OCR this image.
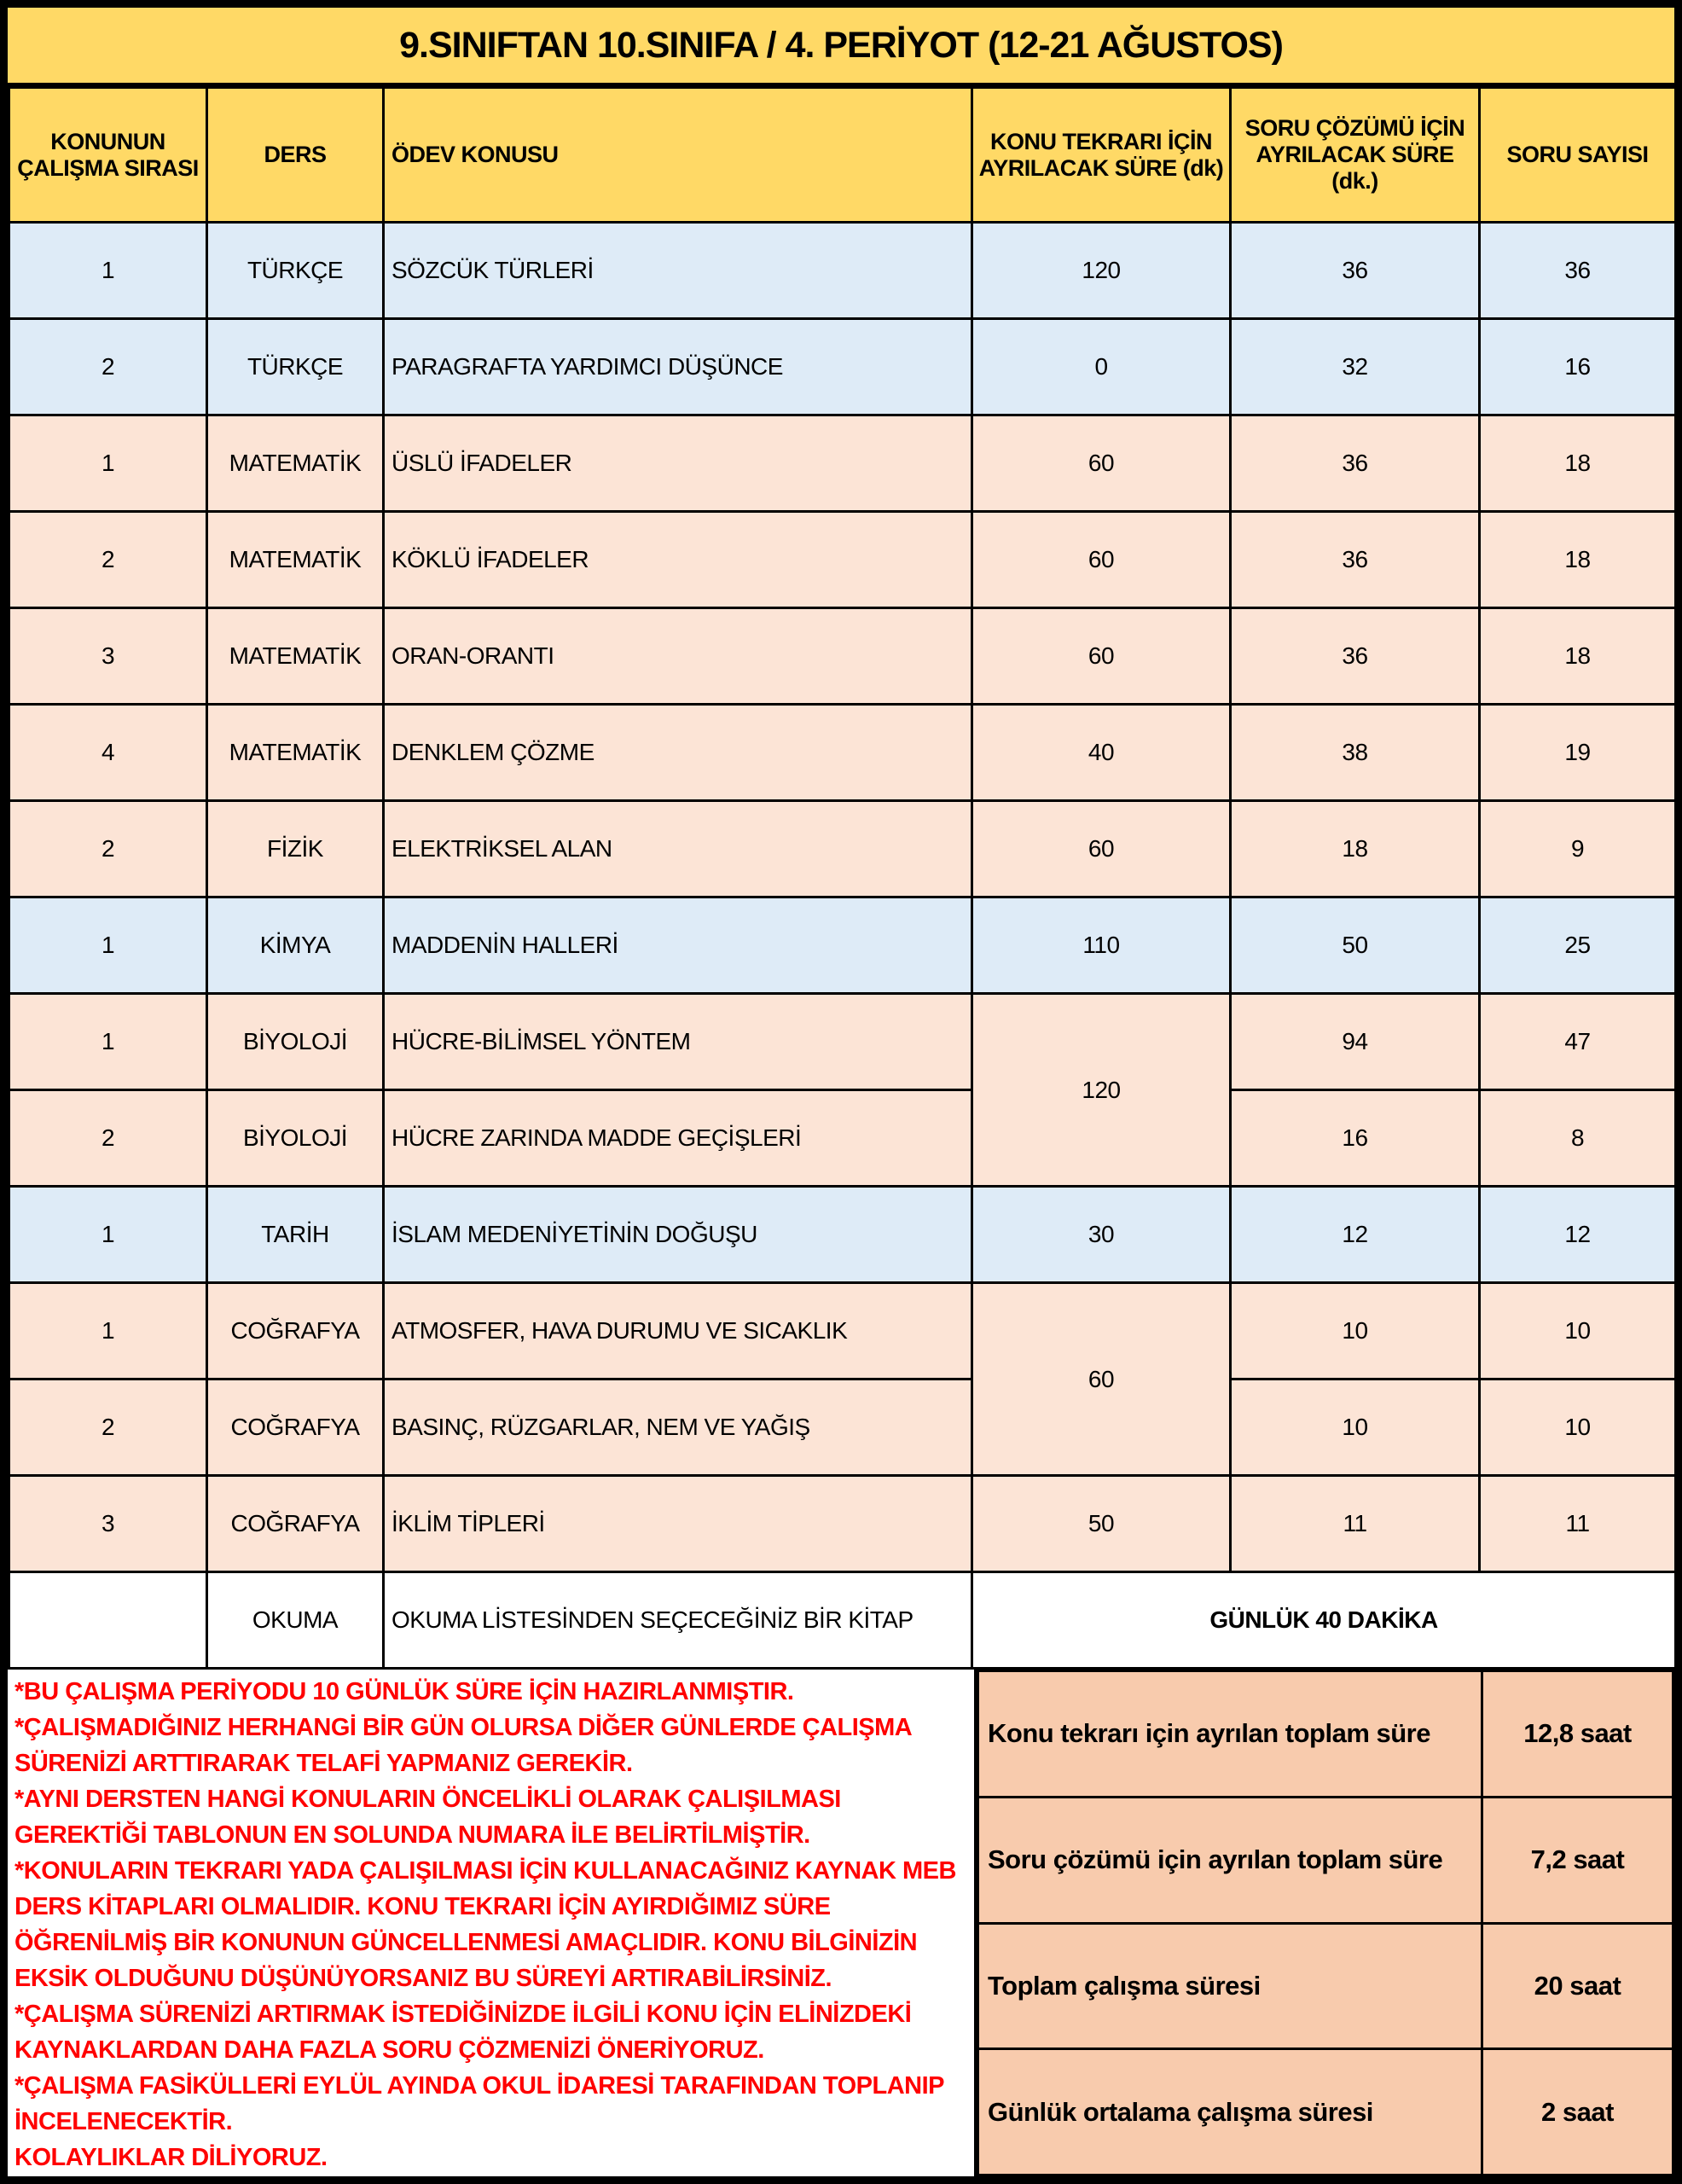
9.SINIFTAN 10.SINIFA / 4. PERİYOT (12-21 AĞUSTOS)
KONUNUN ÇALIŞMA SIRASI	DERS	ÖDEV KONUSU	KONU TEKRARI İÇİN AYRILACAK SÜRE (dk)	SORU ÇÖZÜMÜ İÇİN AYRILACAK SÜRE (dk.)	SORU SAYISI
1	TÜRKÇE	SÖZCÜK TÜRLERİ	120	36	36
2	TÜRKÇE	PARAGRAFTA YARDIMCI DÜŞÜNCE	0	32	16
1	MATEMATİK	ÜSLÜ İFADELER	60	36	18
2	MATEMATİK	KÖKLÜ İFADELER	60	36	18
3	MATEMATİK	ORAN-ORANTI	60	36	18
4	MATEMATİK	DENKLEM ÇÖZME	40	38	19
2	FİZİK	ELEKTRİKSEL ALAN	60	18	9
1	KİMYA	MADDENİN HALLERİ	110	50	25
1	BİYOLOJİ	HÜCRE-BİLİMSEL YÖNTEM	120	94	47
2	BİYOLOJİ	HÜCRE ZARINDA MADDE GEÇİŞLERİ		16	8
1	TARİH	İSLAM MEDENİYETİNİN DOĞUŞU	30	12	12
1	COĞRAFYA	ATMOSFER, HAVA DURUMU VE SICAKLIK	60	10	10
2	COĞRAFYA	BASINÇ, RÜZGARLAR, NEM VE YAĞIŞ		10	10
3	COĞRAFYA	İKLİM TİPLERİ	50	11	11
	OKUMA	OKUMA LİSTESİNDEN SEÇECEĞİNİZ BİR KİTAP	GÜNLÜK 40 DAKİKA		

*BU ÇALIŞMA PERİYODU 10 GÜNLÜK SÜRE İÇİN HAZIRLANMIŞTIR.

*ÇALIŞMADIĞINIZ HERHANGİ BİR GÜN OLURSA DİĞER GÜNLERDE ÇALIŞMA SÜRENİZİ ARTTIRARAK TELAFİ YAPMANIZ GEREKİR.

*AYNI DERSTEN HANGİ KONULARIN ÖNCELİKLİ OLARAK ÇALIŞILMASI GEREKTİĞİ TABLONUN EN SOLUNDA NUMARA İLE BELİRTİLMİŞTİR.

*KONULARIN TEKRARI YADA ÇALIŞILMASI İÇİN KULLANACAĞINIZ KAYNAK MEB DERS KİTAPLARI OLMALIDIR. KONU TEKRARI İÇİN AYIRDIĞIMIZ SÜRE ÖĞRENİLMİŞ BİR KONUNUN GÜNCELLENMESİ AMAÇLIDIR. KONU BİLGİNİZİN EKSİK OLDUĞUNU DÜŞÜNÜYORSANIZ BU SÜREYİ ARTIRABİLİRSİNİZ.

*ÇALIŞMA SÜRENİZİ ARTIRMAK İSTEDİĞİNİZDE İLGİLİ KONU İÇİN ELİNİZDEKİ KAYNAKLARDAN DAHA FAZLA SORU ÇÖZMENİZİ ÖNERİYORUZ.

*ÇALIŞMA FASİKÜLLERİ EYLÜL AYINDA OKUL İDARESİ TARAFINDAN TOPLANIP İNCELENECEKTİR.

KOLAYLIKLAR DİLİYORUZ.

Konu tekrarı için ayrılan toplam süre	12,8 saat
Soru çözümü için ayrılan toplam süre	7,2 saat
Toplam çalışma süresi	20 saat
Günlük ortalama çalışma süresi	2 saat
